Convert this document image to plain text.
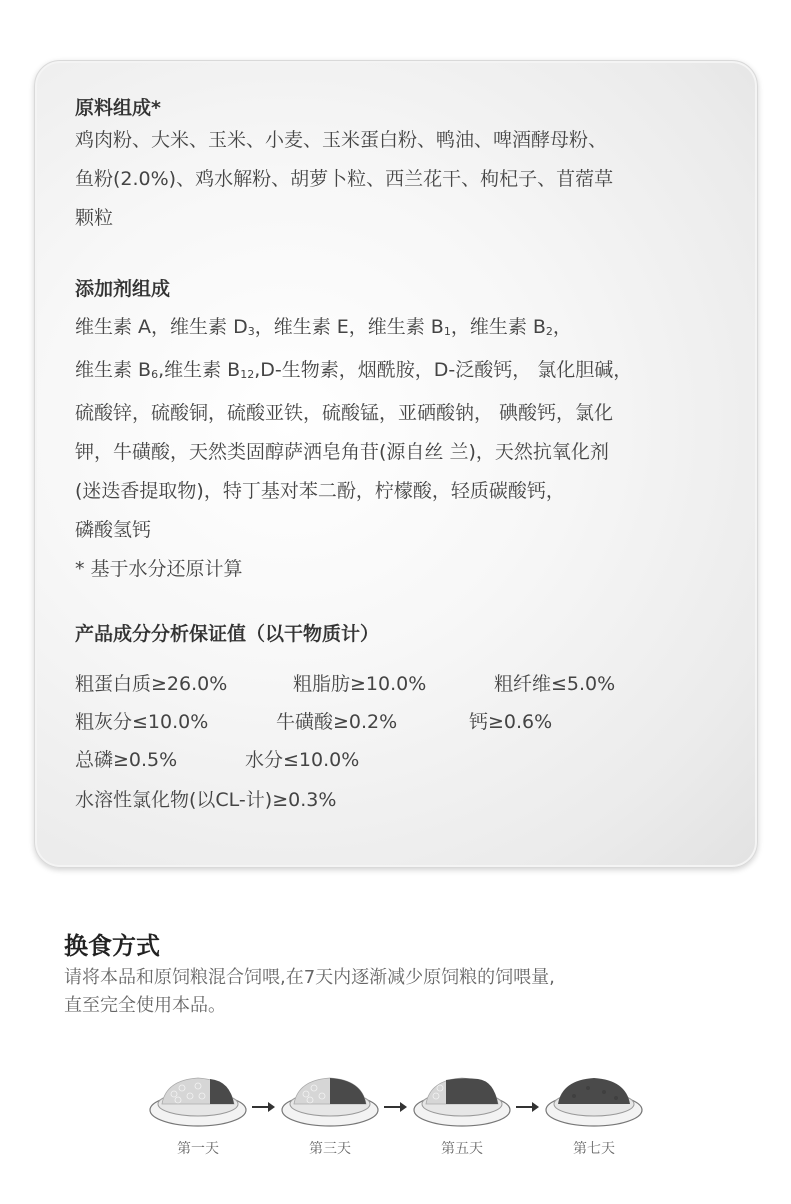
原料组成*
鸡肉粉、大米、玉米、小麦、玉米蛋白粉、鸭油、啤酒酵母粉、
鱼粉(2.0%)、鸡水解粉、胡萝卜粒、西兰花干、枸杞子、苜蓿草
颗粒
添加剂组成
维生素 A，维生素 $D_3$，维生素 E，维生素 $B_1$，维生素 $B_2$，
维生素 $B_6$,维生素 $B_{12},D-$生物素，烟酰胺，D-泛酸钙， 氯化胆碱，
硫酸锌，硫酸铜，硫酸亚铁，硫酸锰，亚硒酸钠， 碘酸钙，氯化
钾，牛磺酸，天然类固醇萨洒皂角苷(源自丝 兰)，天然抗氧化剂
(迷迭香提取物)，特丁基对苯二酚，柠檬酸，轻质碳酸钙，
磷酸氢钙
* 基于水分还原计算
产品成分分析保证值（以干物质计）
粗蛋白质≥26.0%	粗脂肪≥10.0%	粗纤维≤5.0%
粗灰分≤10.0%	牛磺酸≥0.2%	钙≥0.6%
总磷≥0.5%	水分≤10.0%
水溶性氯化物(以CL-计)≥0.3%
换食方式
请将本品和原饲粮混合饲喂,在7天内逐渐减少原饲粮的饲喂量,
直至完全使用本品。
第一天	第三天	第五天	第七天
